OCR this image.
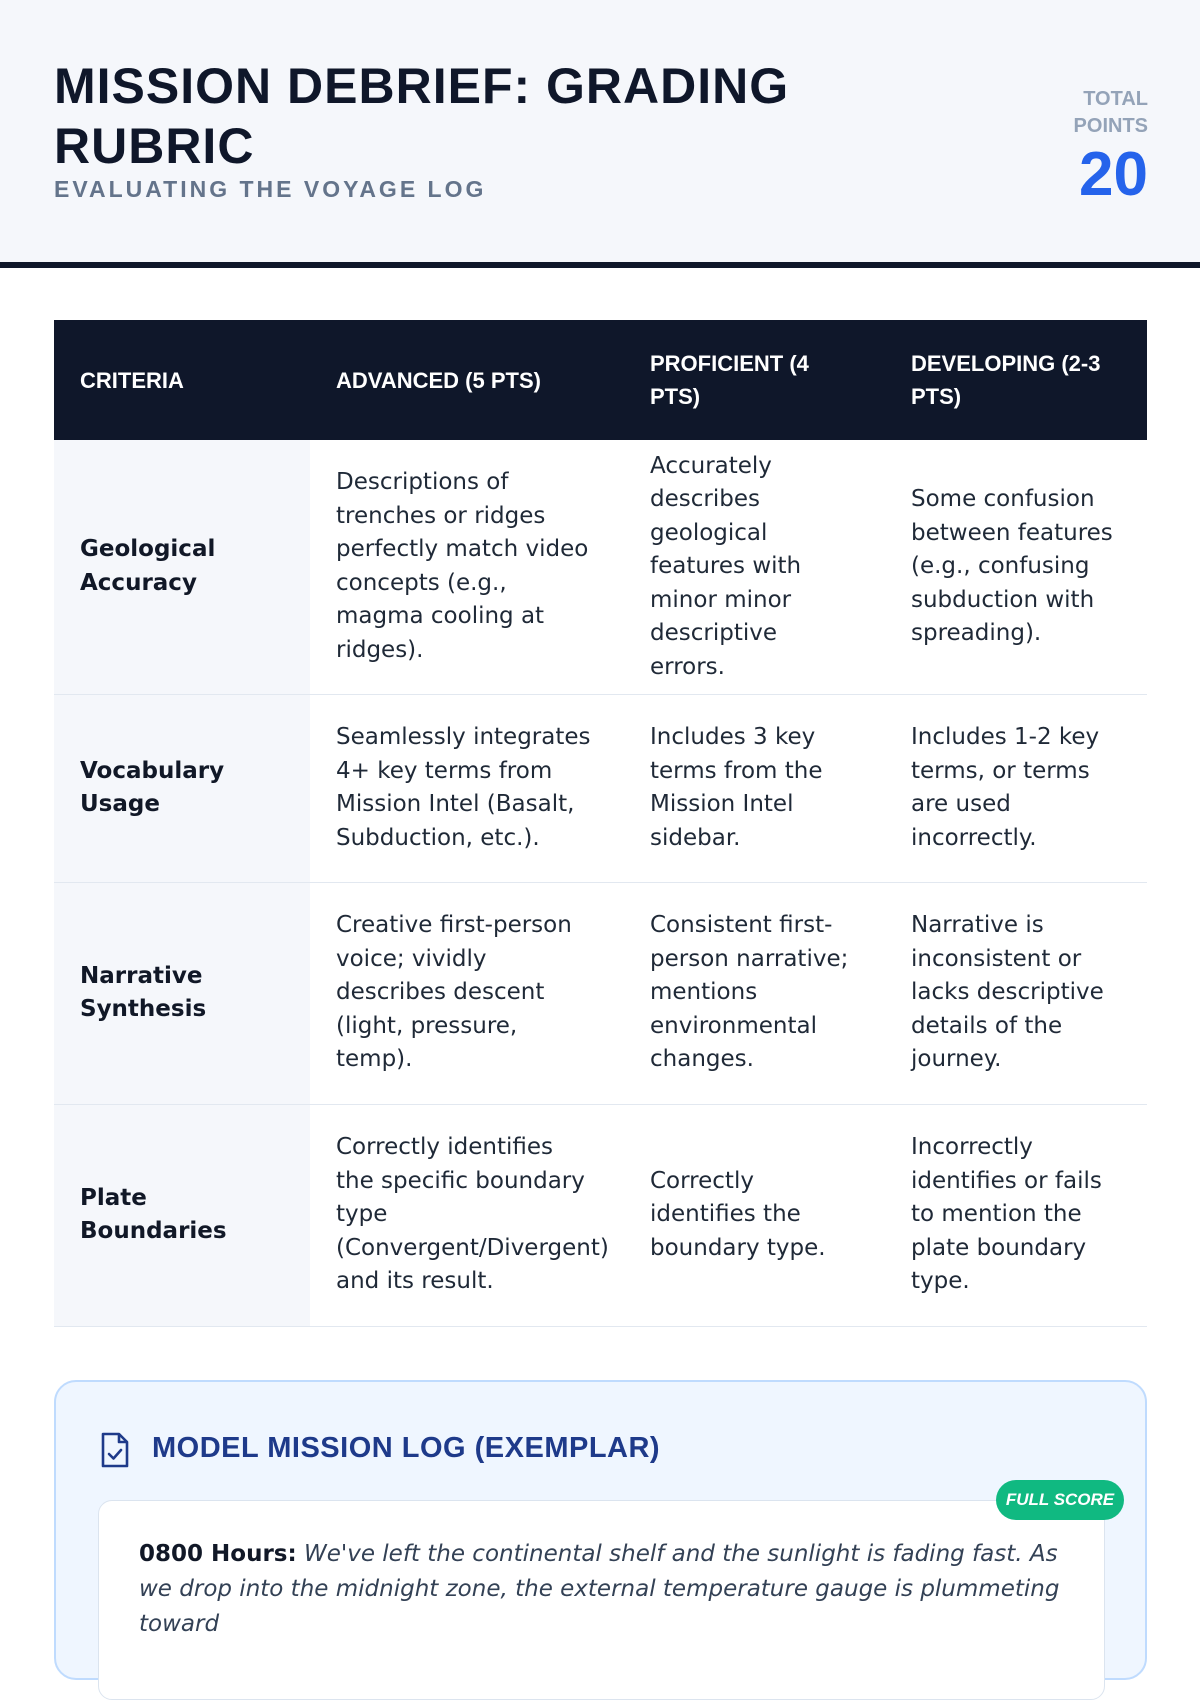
MISSION DEBRIEF: GRADING RUBRIC
EVALUATING THE VOYAGE LOG
TOTAL POINTS
20
CRITERIA	ADVANCED (5 PTS)	PROFICIENT (4 PTS)	DEVELOPING (2-3 PTS)
Geological Accuracy	Descriptions of trenches or ridges perfectly match video concepts (e.g., magma cooling at ridges).	Accurately describes geological features with minor minor descriptive errors.	Some confusion between features (e.g., confusing subduction with spreading).
Vocabulary Usage	Seamlessly integrates 4+ key terms from Mission Intel (Basalt, Subduction, etc.).	Includes 3 key terms from the Mission Intel sidebar.	Includes 1-2 key terms, or terms are used incorrectly.
Narrative Synthesis	Creative first-person voice; vividly describes descent (light, pressure, temp).	Consistent first-person narrative; mentions environmental changes.	Narrative is inconsistent or lacks descriptive details of the journey.
Plate Boundaries	Correctly identifies the specific boundary type (Convergent/Divergent) and its result.	Correctly identifies the boundary type.	Incorrectly identifies or fails to mention the plate boundary type.
MODEL MISSION LOG (EXEMPLAR)

0800 Hours: We've left the continental shelf and the sunlight is fading fast. As we drop into the midnight zone, the external temperature gauge is plummeting toward

FULL SCORE
